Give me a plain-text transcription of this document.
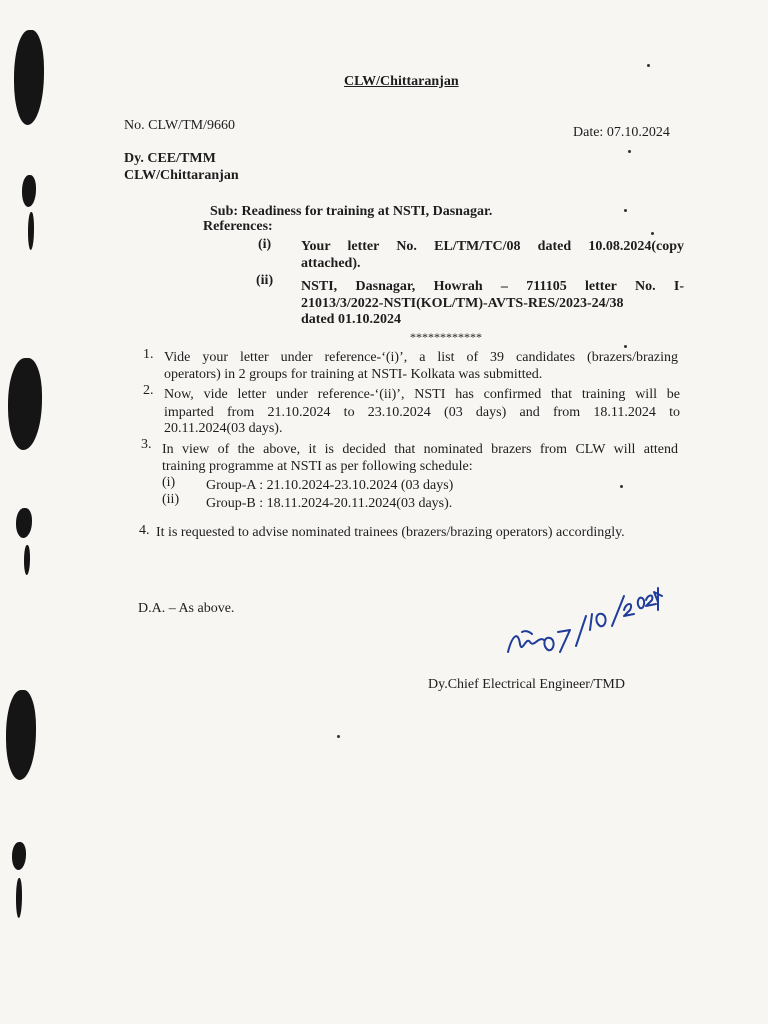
CLW/Chittaranjan
No. CLW/TM/9660	Date: 07.10.2024
Dy. CEE/TMM
CLW/Chittaranjan
Sub: Readiness for training at NSTI, Dasnagar.
References:
(i) Your letter No. EL/TM/TC/08 dated 10.08.2024(copy
attached).
(ii) NSTI, Dasnagar, Howrah – 711105 letter No. I-
21013/3/2022-NSTI(KOL/TM)-AVTS-RES/2023-24/38
dated 01.10.2024
************
1. Vide your letter under reference-‘(i)’, a list of 39 candidates (brazers/brazing
operators) in 2 groups for training at NSTI- Kolkata was submitted.
2. Now, vide letter under reference-‘(ii)’, NSTI has confirmed that training will be
imparted from 21.10.2024 to 23.10.2024 (03 days) and from 18.11.2024 to
20.11.2024(03 days).
3. In view of the above, it is decided that nominated brazers from CLW will attend
training programme at NSTI as per following schedule:
(i) Group-A : 21.10.2024-23.10.2024 (03 days)
(ii) Group-B : 18.11.2024-20.11.2024(03 days).
4. It is requested to advise nominated trainees (brazers/brazing operators) accordingly.
D.A. – As above.
Dy.Chief Electrical Engineer/TMD
